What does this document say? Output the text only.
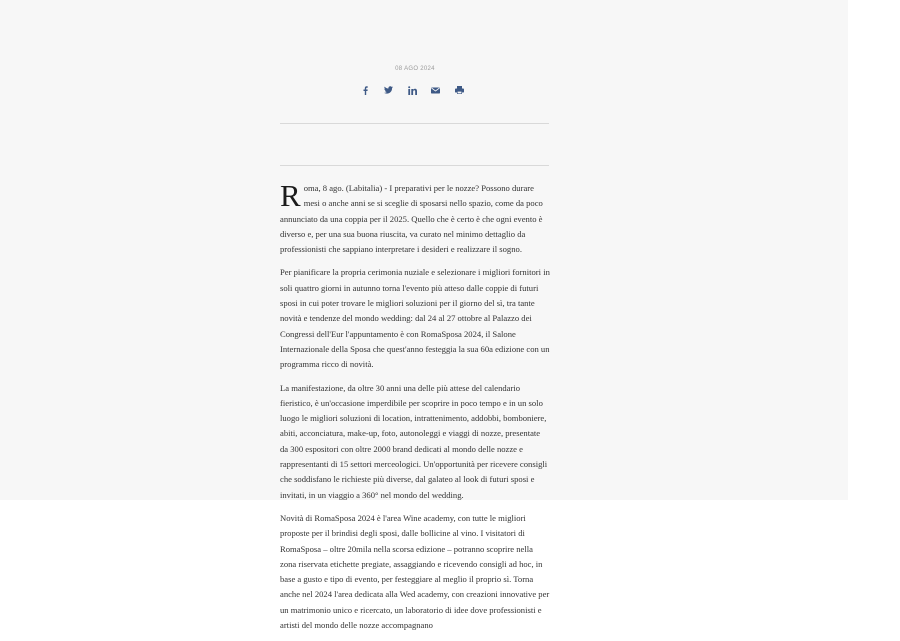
08 AGO 2024

Roma, 8 ago. (Labitalia) - I preparativi per le nozze? Possono durare mesi o anche anni se si sceglie di sposarsi nello spazio, come da poco annunciato da una coppia per il 2025. Quello che è certo è che ogni evento è diverso e, per una sua buona riuscita, va curato nel minimo dettaglio da professionisti che sappiano interpretare i desideri e realizzare il sogno.

Per pianificare la propria cerimonia nuziale e selezionare i migliori fornitori in soli quattro giorni in autunno torna l'evento più atteso dalle coppie di futuri sposi in cui poter trovare le migliori soluzioni per il giorno del sì, tra tante novità e tendenze del mondo wedding: dal 24 al 27 ottobre al Palazzo dei Congressi dell'Eur l'appuntamento è con RomaSposa 2024, il Salone Internazionale della Sposa che quest'anno festeggia la sua 60a edizione con un programma ricco di novità.

La manifestazione, da oltre 30 anni una delle più attese del calendario fieristico, è un'occasione imperdibile per scoprire in poco tempo e in un solo luogo le migliori soluzioni di location, intrattenimento, addobbi, bomboniere, abiti, acconciatura, make-up, foto, autonoleggi e viaggi di nozze, presentate da 300 espositori con oltre 2000 brand dedicati al mondo delle nozze e rappresentanti di 15 settori merceologici. Un'opportunità per ricevere consigli che soddisfano le richieste più diverse, dal galateo al look di futuri sposi e invitati, in un viaggio a 360° nel mondo del wedding.

Novità di RomaSposa 2024 è l'area Wine academy, con tutte le migliori proposte per il brindisi degli sposi, dalle bollicine al vino. I visitatori di RomaSposa – oltre 20mila nella scorsa edizione – potranno scoprire nella zona riservata etichette pregiate, assaggiando e ricevendo consigli ad hoc, in base a gusto e tipo di evento, per festeggiare al meglio il proprio sì. Torna anche nel 2024 l'area dedicata alla Wed academy, con creazioni innovative per un matrimonio unico e ricercato, un laboratorio di idee dove professionisti e artisti del mondo delle nozze accompagnano
